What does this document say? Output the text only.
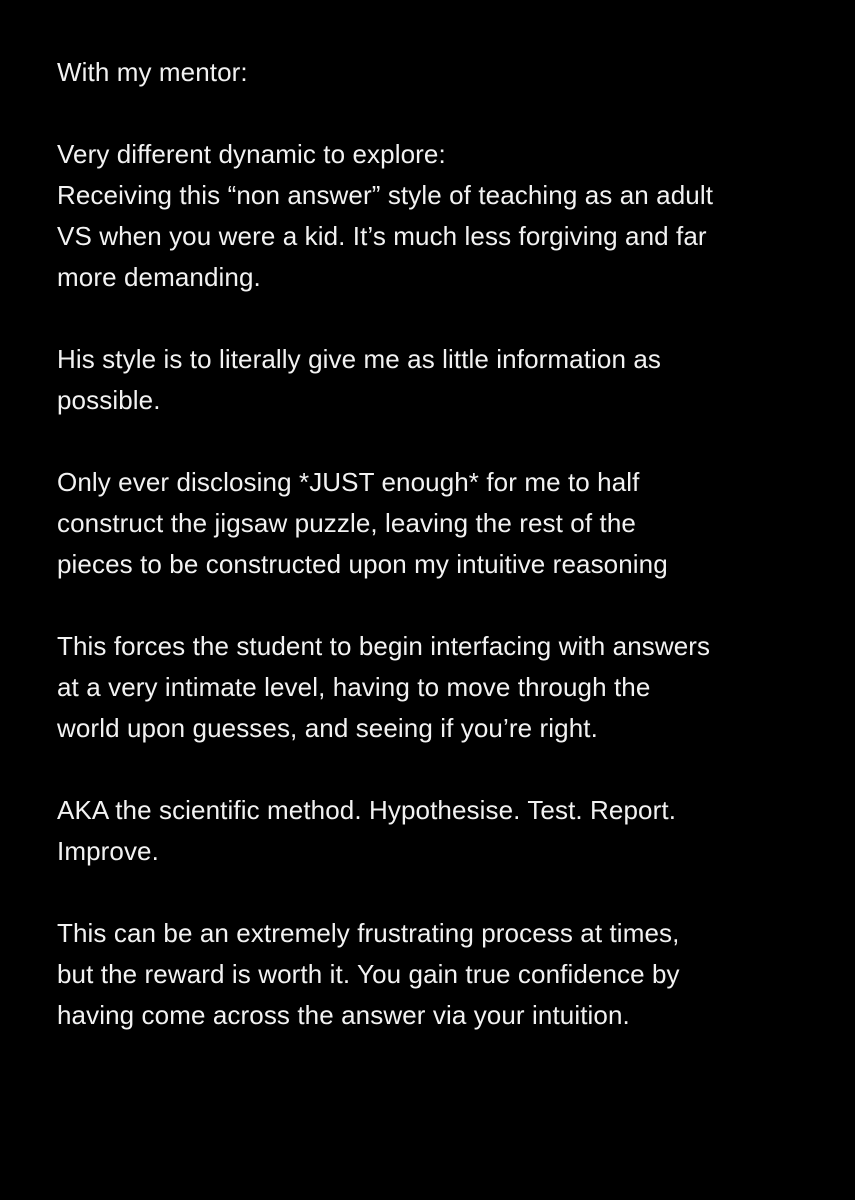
With my mentor:
Very different dynamic to explore:
Receiving this “non answer” style of teaching as an adult
VS when you were a kid. It’s much less forgiving and far
more demanding.
His style is to literally give me as little information as
possible.
Only ever disclosing *JUST enough* for me to half
construct the jigsaw puzzle, leaving the rest of the
pieces to be constructed upon my intuitive reasoning
This forces the student to begin interfacing with answers
at a very intimate level, having to move through the
world upon guesses, and seeing if you’re right.
AKA the scientific method. Hypothesise. Test. Report.
Improve.
This can be an extremely frustrating process at times,
but the reward is worth it. You gain true confidence by
having come across the answer via your intuition.
